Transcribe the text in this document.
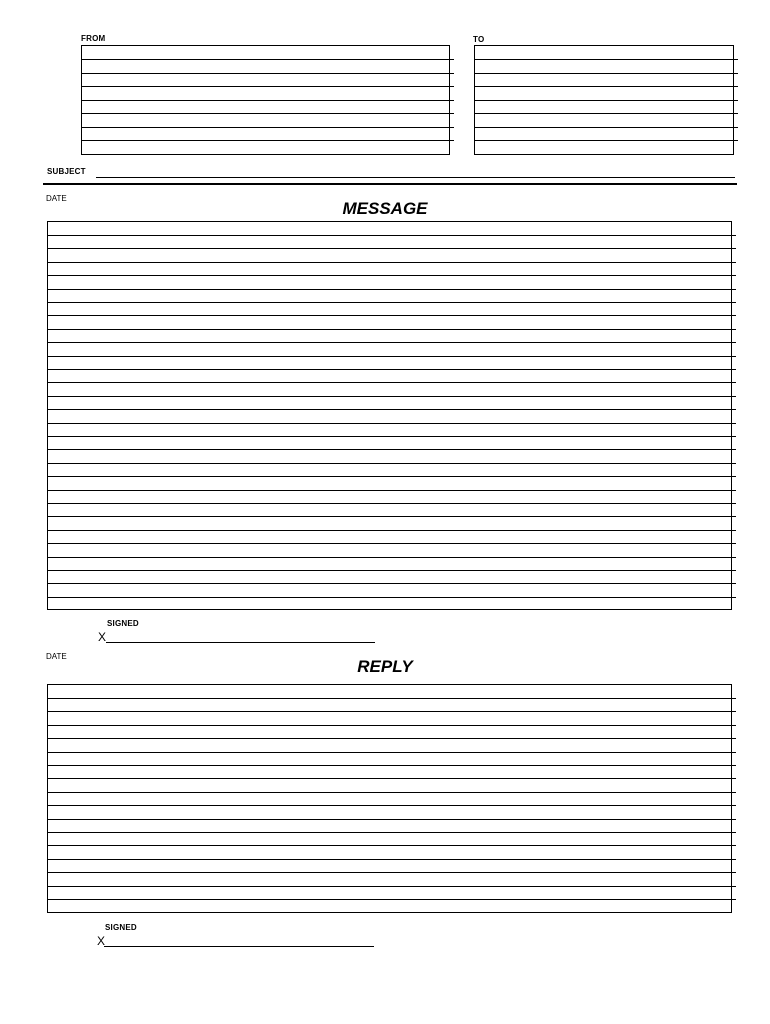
FROM	TO
SUBJECT
DATE
MESSAGE
SIGNED
X
DATE
REPLY
SIGNED
X
